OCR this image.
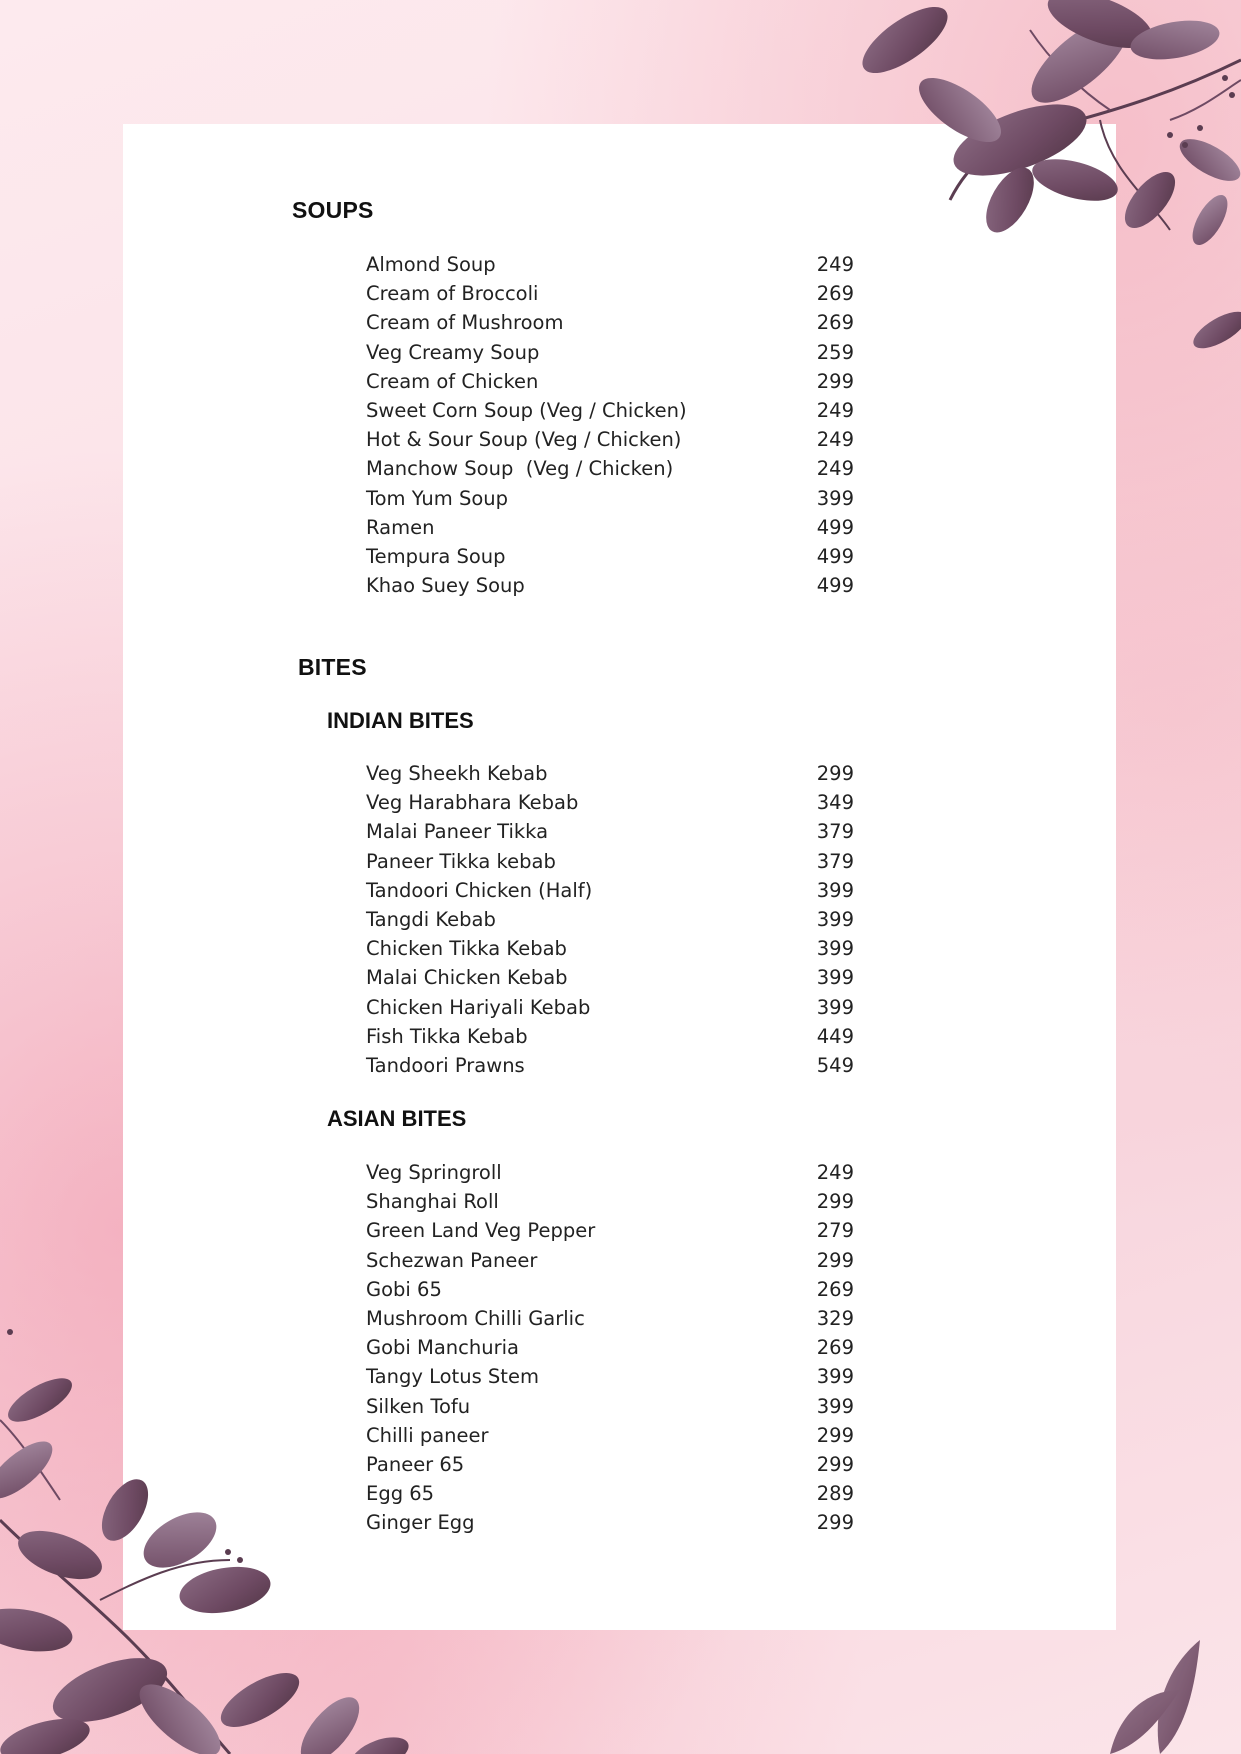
SOUPS
Almond Soup	249
Cream of Broccoli	269
Cream of Mushroom	269
Veg Creamy Soup	259
Cream of Chicken	299
Sweet Corn Soup (Veg / Chicken)	249
Hot & Sour Soup (Veg / Chicken)	249
Manchow Soup  (Veg / Chicken)	249
Tom Yum Soup	399
Ramen	499
Tempura Soup	499
Khao Suey Soup	499
BITES
INDIAN BITES
Veg Sheekh Kebab	299
Veg Harabhara Kebab	349
Malai Paneer Tikka	379
Paneer Tikka kebab	379
Tandoori Chicken (Half)	399
Tangdi Kebab	399
Chicken Tikka Kebab	399
Malai Chicken Kebab	399
Chicken Hariyali Kebab	399
Fish Tikka Kebab	449
Tandoori Prawns	549
ASIAN BITES
Veg Springroll	249
Shanghai Roll	299
Green Land Veg Pepper	279
Schezwan Paneer	299
Gobi 65	269
Mushroom Chilli Garlic	329
Gobi Manchuria	269
Tangy Lotus Stem	399
Silken Tofu	399
Chilli paneer	299
Paneer 65	299
Egg 65	289
Ginger Egg	299
